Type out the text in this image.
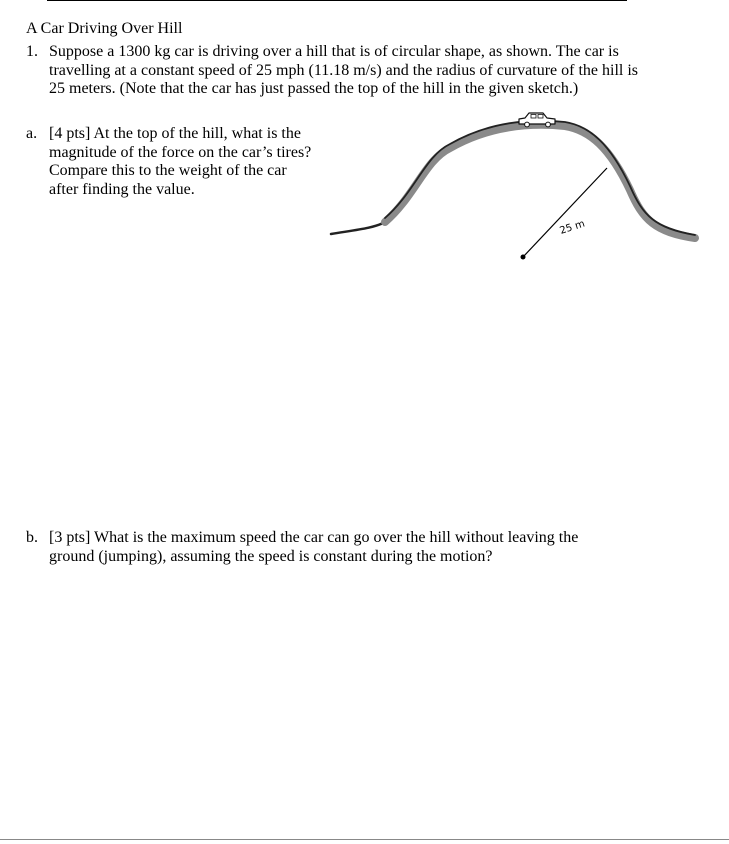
A Car Driving Over Hill
1. Suppose a 1300 kg car is driving over a hill that is of circular shape, as shown. The car is travelling at a constant speed of 25 mph (11.18 m/s) and the radius of curvature of the hill is 25 meters. (Note that the car has just passed the top of the hill in the given sketch.)
a. [4 pts] At the top of the hill, what is the magnitude of the force on the car’s tires? Compare this to the weight of the car after finding the value.
25 m
b. [3 pts] What is the maximum speed the car can go over the hill without leaving the ground (jumping), assuming the speed is constant during the motion?
